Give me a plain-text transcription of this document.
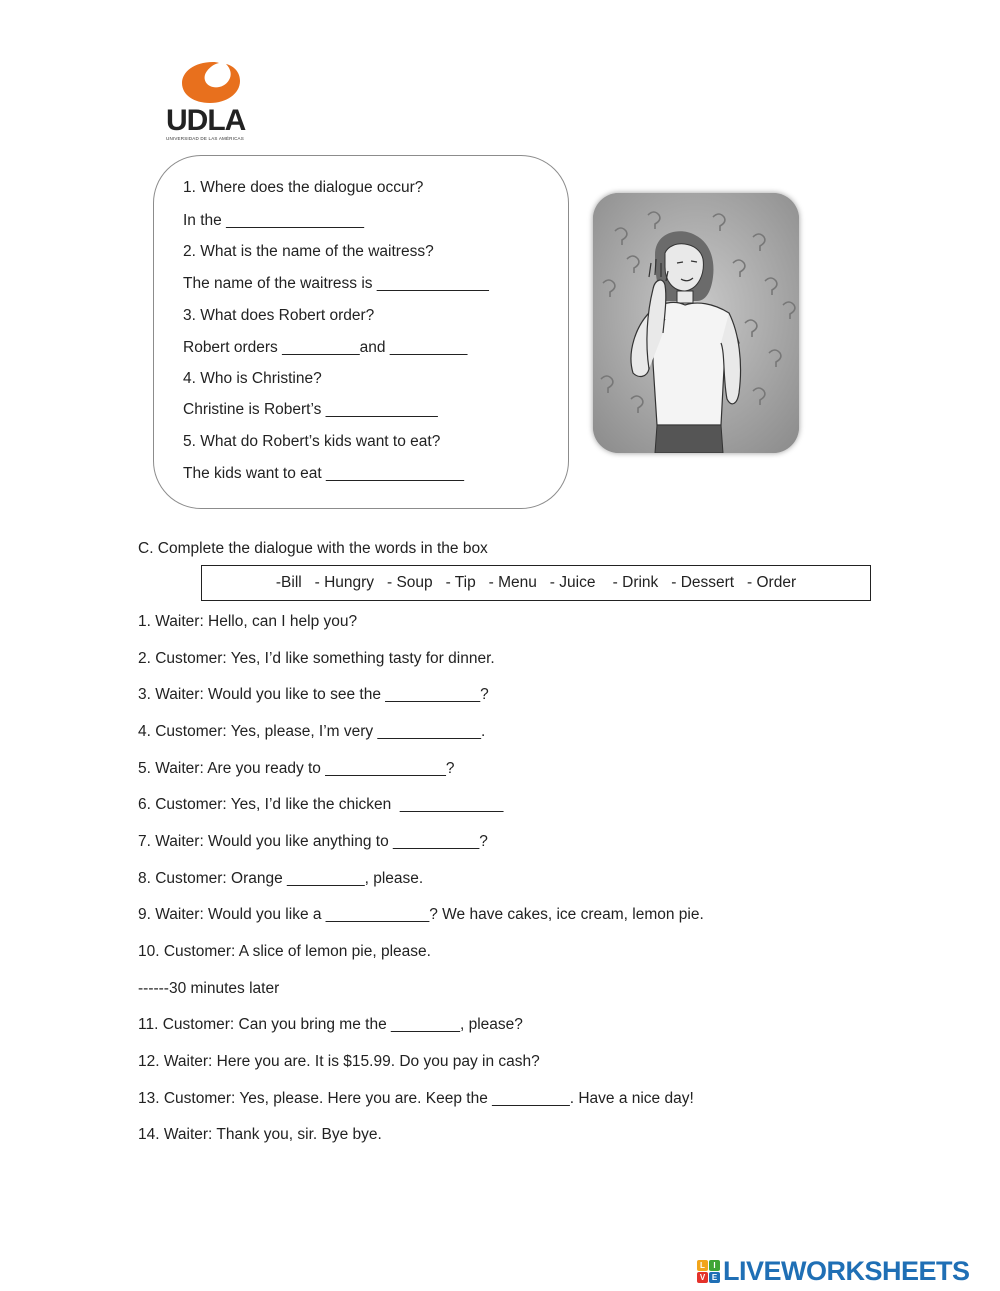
UDLA
UNIVERSIDAD DE LAS AMÉRICAS
1. Where does the dialogue occur?
In the ________________
2. What is the name of the waitress?
The name of the waitress is _____________
3. What does Robert order?
Robert orders _________and _________
4. Who is Christine?
Christine is Robert’s _____________
5. What do Robert’s kids want to eat?
The kids want to eat ________________
C. Complete the dialogue with the words in the box
-Bill   - Hungry   - Soup   - Tip   - Menu   - Juice    - Drink   - Dessert   - Order
1. Waiter: Hello, can I help you?
2. Customer: Yes, I’d like something tasty for dinner.
3. Waiter: Would you like to see the ___________?
4. Customer: Yes, please, I’m very ____________.
5. Waiter: Are you ready to ______________?
6. Customer: Yes, I’d like the chicken  ____________
7. Waiter: Would you like anything to __________?
8. Customer: Orange _________, please.
9. Waiter: Would you like a ____________? We have cakes, ice cream, lemon pie.
10. Customer: A slice of lemon pie, please.
------30 minutes later
11. Customer: Can you bring me the ________, please?
12. Waiter: Here you are. It is $15.99. Do you pay in cash?
13. Customer: Yes, please. Here you are. Keep the _________. Have a nice day!
14. Waiter: Thank you, sir. Bye bye.
L	I
V E LIVEWORKSHEETS
